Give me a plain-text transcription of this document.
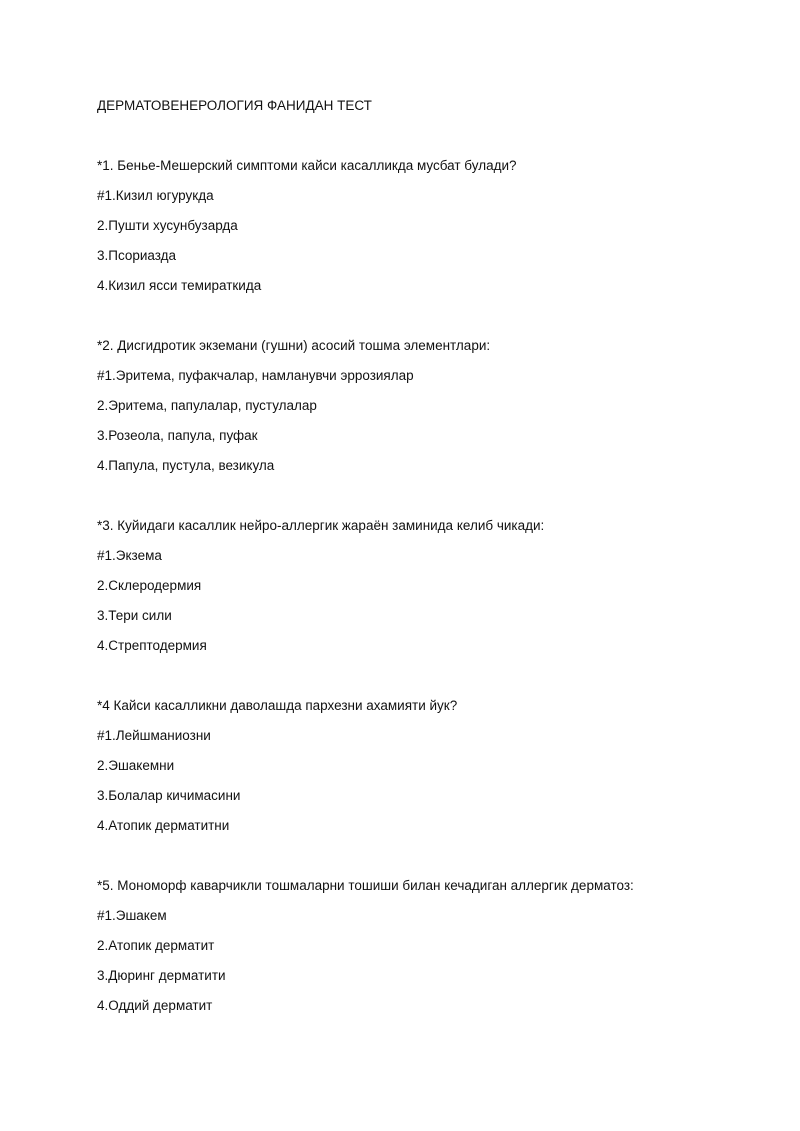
ДЕРМАТОВЕНЕРОЛОГИЯ ФАНИДАН ТЕСТ

*1. Бенье-Мешерский симптоми кайси касалликда мусбат булади?

#1.Кизил югурукда

2.Пушти хусунбузарда

3.Псориазда

4.Кизил ясси темираткида

*2. Дисгидротик экземани (гушни) асосий тошма элементлари:

#1.Эритема, пуфакчалар, намланувчи эррозиялар

2.Эритема, папулалар, пустулалар

3.Розеола, папула, пуфак

4.Папула, пустула, везикула

*3. Куйидаги касаллик нейро-аллергик жараён заминида келиб чикади:

#1.Экзема

2.Склеродермия

3.Тери сили

4.Стрептодермия

*4 Кайси касалликни даволашда пархезни ахамияти йук?

#1.Лейшманиозни

2.Эшакемни

3.Болалар кичимасини

4.Атопик дерматитни

*5. Мономорф каварчикли тошмаларни тошиши билан кечадиган аллергик дерматоз:

#1.Эшакем

2.Атопик дерматит

3.Дюринг дерматити

4.Оддий дерматит
